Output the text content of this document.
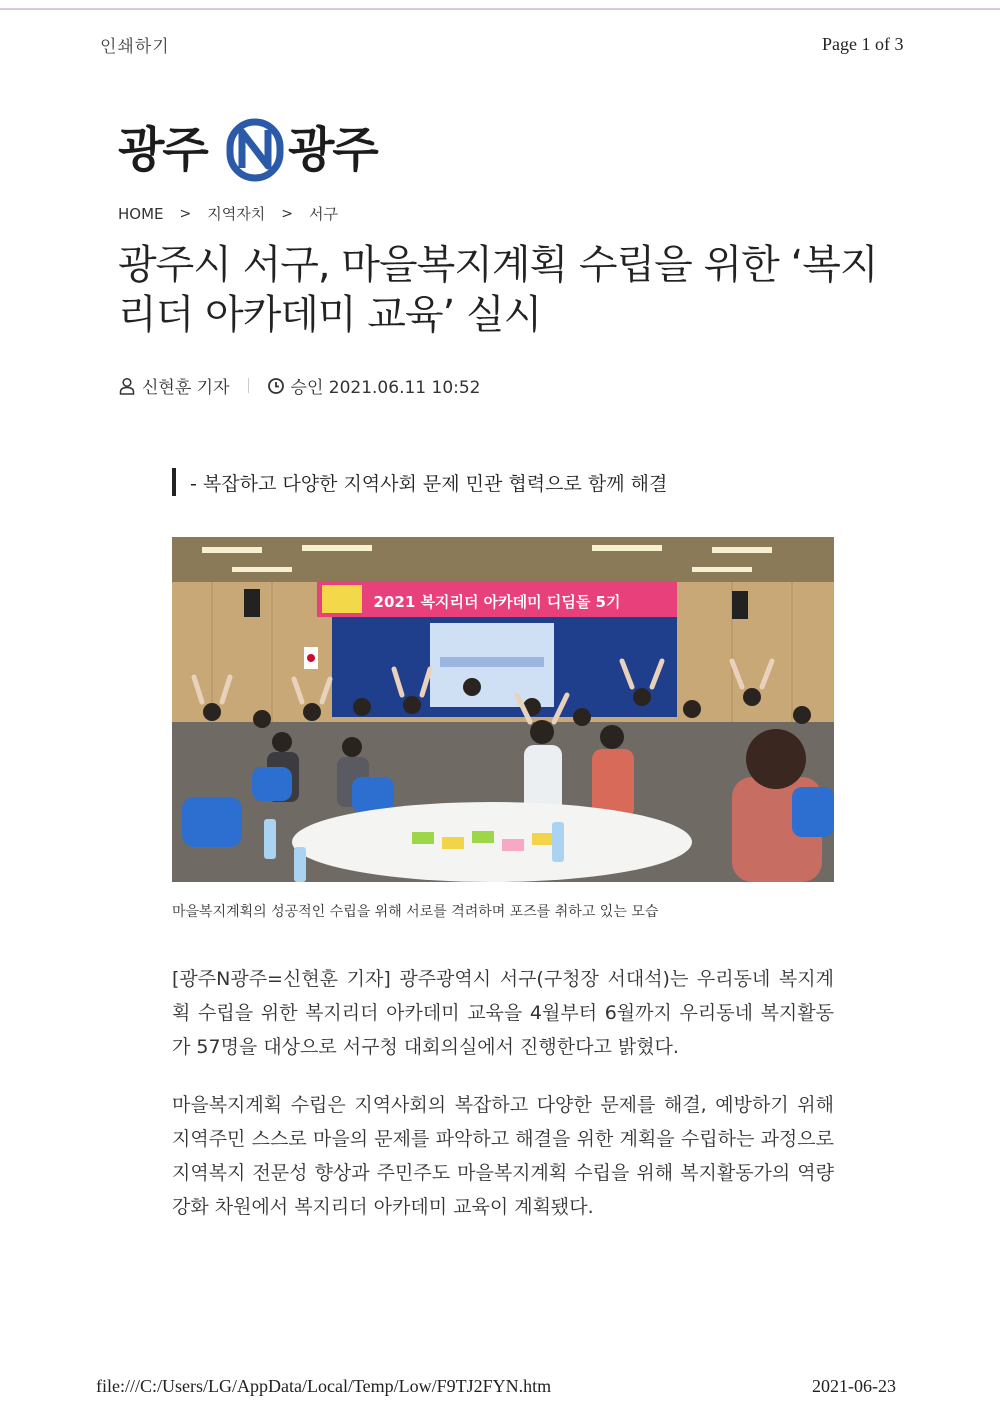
인쇄하기	Page 1 of 3
광주 광주
HOME > 지역자치 > 서구
광주시 서구, 마을복지계획 수립을 위한 ‘복지리더 아카데미 교육’ 실시
신현훈 기자	승인 2021.06.11 10:52
- 복잡하고 다양한 지역사회 문제 민관 협력으로 함께 해결
2021 복지리더 아카데미 디딤돌 5기
마을복지계획의 성공적인 수립을 위해 서로를 격려하며 포즈를 취하고 있는 모습

[광주N광주=신현훈 기자] 광주광역시 서구(구청장 서대석)는 우리동네 복지계획 수립을 위한 복지리더 아카데미 교육을 4월부터 6월까지 우리동네 복지활동가 57명을 대상으로 서구청 대회의실에서 진행한다고 밝혔다.

마을복지계획 수립은 지역사회의 복잡하고 다양한 문제를 해결, 예방하기 위해 지역주민 스스로 마을의 문제를 파악하고 해결을 위한 계획을 수립하는 과정으로 지역복지 전문성 향상과 주민주도 마을복지계획 수립을 위해 복지활동가의 역량 강화 차원에서 복지리더 아카데미 교육이 계획됐다.

file:///C:/Users/LG/AppData/Local/Temp/Low/F9TJ2FYN.htm	2021-06-23
